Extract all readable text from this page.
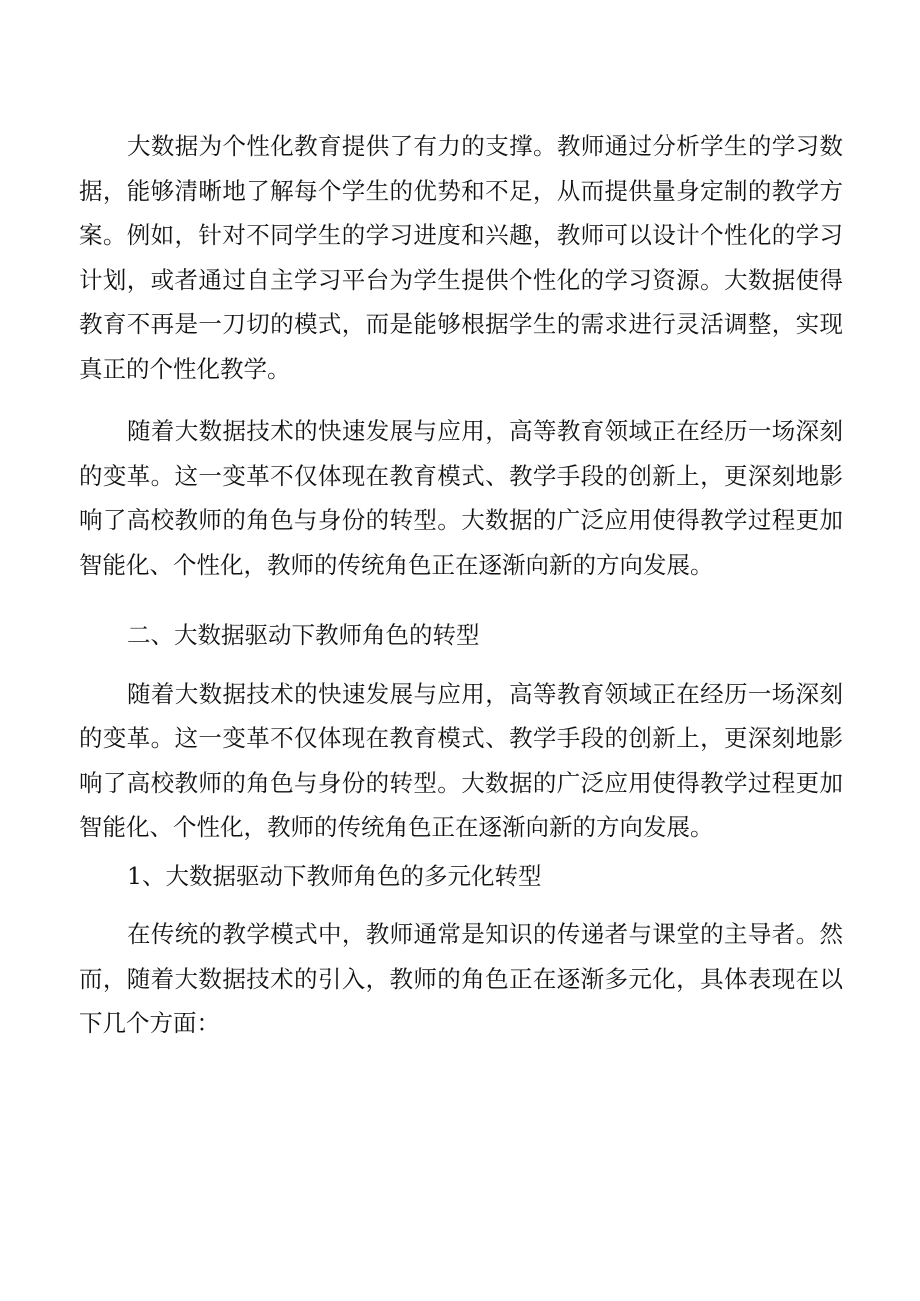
大数据为个性化教育提供了有力的支撑。教师通过分析学生的学习数据，能够清晰地了解每个学生的优势和不足，从而提供量身定制的教学方案。例如，针对不同学生的学习进度和兴趣，教师可以设计个性化的学习计划，或者通过自主学习平台为学生提供个性化的学习资源。大数据使得教育不再是一刀切的模式，而是能够根据学生的需求进行灵活调整，实现真正的个性化教学。

随着大数据技术的快速发展与应用，高等教育领域正在经历一场深刻的变革。这一变革不仅体现在教育模式、教学手段的创新上，更深刻地影响了高校教师的角色与身份的转型。大数据的广泛应用使得教学过程更加智能化、个性化，教师的传统角色正在逐渐向新的方向发展。

二、大数据驱动下教师角色的转型

随着大数据技术的快速发展与应用，高等教育领域正在经历一场深刻的变革。这一变革不仅体现在教育模式、教学手段的创新上，更深刻地影响了高校教师的角色与身份的转型。大数据的广泛应用使得教学过程更加智能化、个性化，教师的传统角色正在逐渐向新的方向发展。

1、大数据驱动下教师角色的多元化转型

在传统的教学模式中，教师通常是知识的传递者与课堂的主导者。然而，随着大数据技术的引入，教师的角色正在逐渐多元化，具体表现在以下几个方面：
